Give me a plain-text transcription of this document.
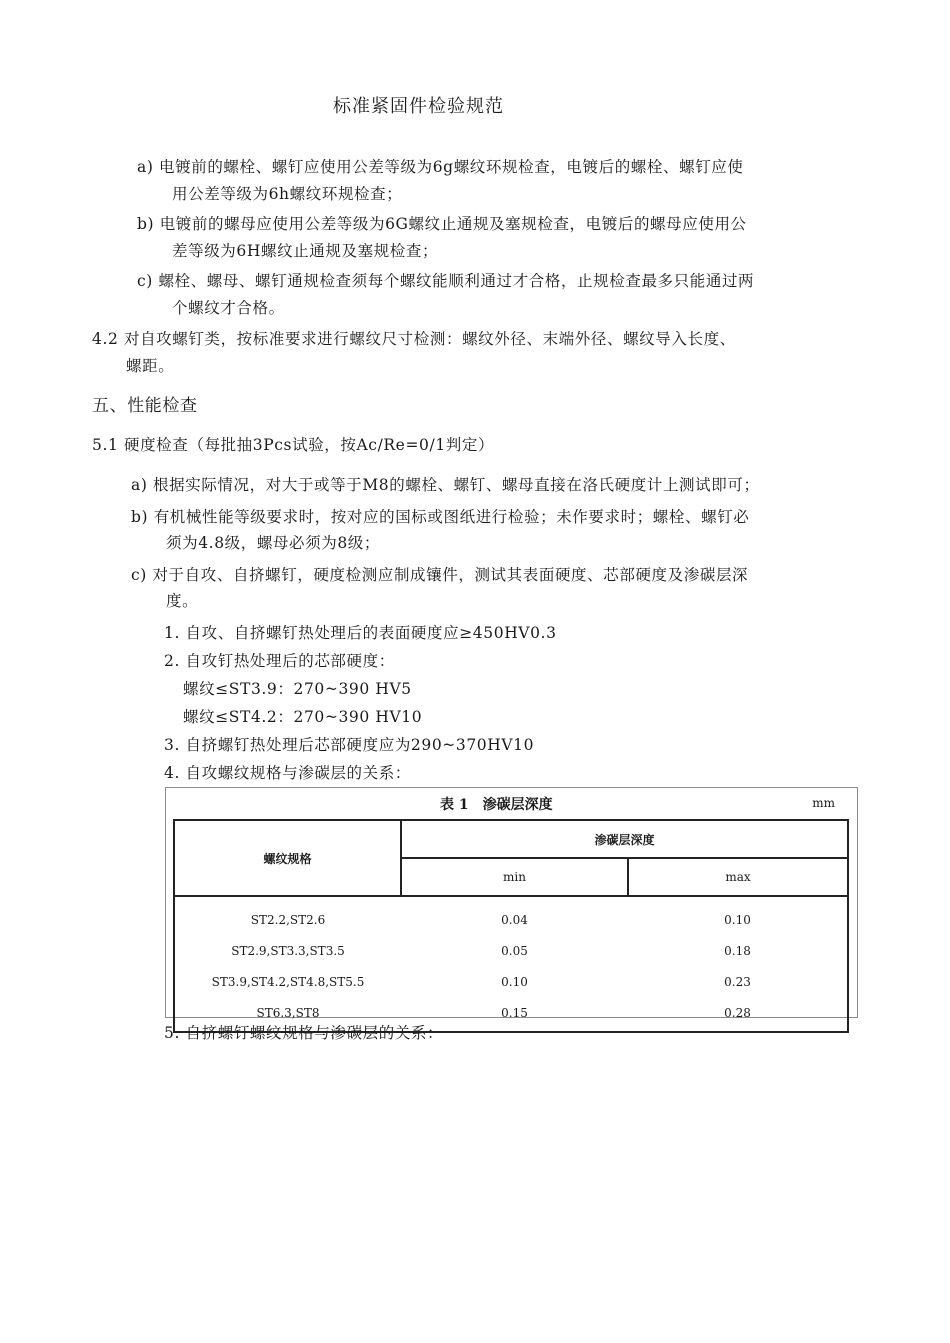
标准紧固件检验规范
a) 电镀前的螺栓、螺钉应使用公差等级为6g螺纹环规检查，电镀后的螺栓、螺钉应使
用公差等级为6h螺纹环规检查；
b) 电镀前的螺母应使用公差等级为6G螺纹止通规及塞规检查，电镀后的螺母应使用公
差等级为6H螺纹止通规及塞规检查；
c) 螺栓、螺母、螺钉通规检查须每个螺纹能顺利通过才合格，止规检查最多只能通过两
个螺纹才合格。
4.2 对自攻螺钉类，按标准要求进行螺纹尺寸检测：螺纹外径、末端外径、螺纹导入长度、
螺距。
五、性能检查
5.1 硬度检查（每批抽3Pcs试验，按Ac/Re=0/1判定）
a) 根据实际情况，对大于或等于M8的螺栓、螺钉、螺母直接在洛氏硬度计上测试即可；
b) 有机械性能等级要求时，按对应的国标或图纸进行检验；未作要求时；螺栓、螺钉必
须为4.8级，螺母必须为8级；
c) 对于自攻、自挤螺钉，硬度检测应制成镶件，测试其表面硬度、芯部硬度及渗碳层深
度。
1. 自攻、自挤螺钉热处理后的表面硬度应≥450HV0.3
2. 自攻钉热处理后的芯部硬度：
螺纹≤ST3.9：270~390 HV5
螺纹≤ST4.2：270~390 HV10
3. 自挤螺钉热处理后芯部硬度应为290~370HV10
4. 自攻螺纹规格与渗碳层的关系：
表 1　渗碳层深度	mm
螺纹规格	渗碳层深度	
	min	max
ST2.2,ST2.6	0.04	0.10
ST2.9,ST3.3,ST3.5	0.05	0.18
ST3.9,ST4.2,ST4.8,ST5.5	0.10	0.23
ST6.3,ST8	0.15	0.28
5. 自挤螺钉螺纹规格与渗碳层的关系：
